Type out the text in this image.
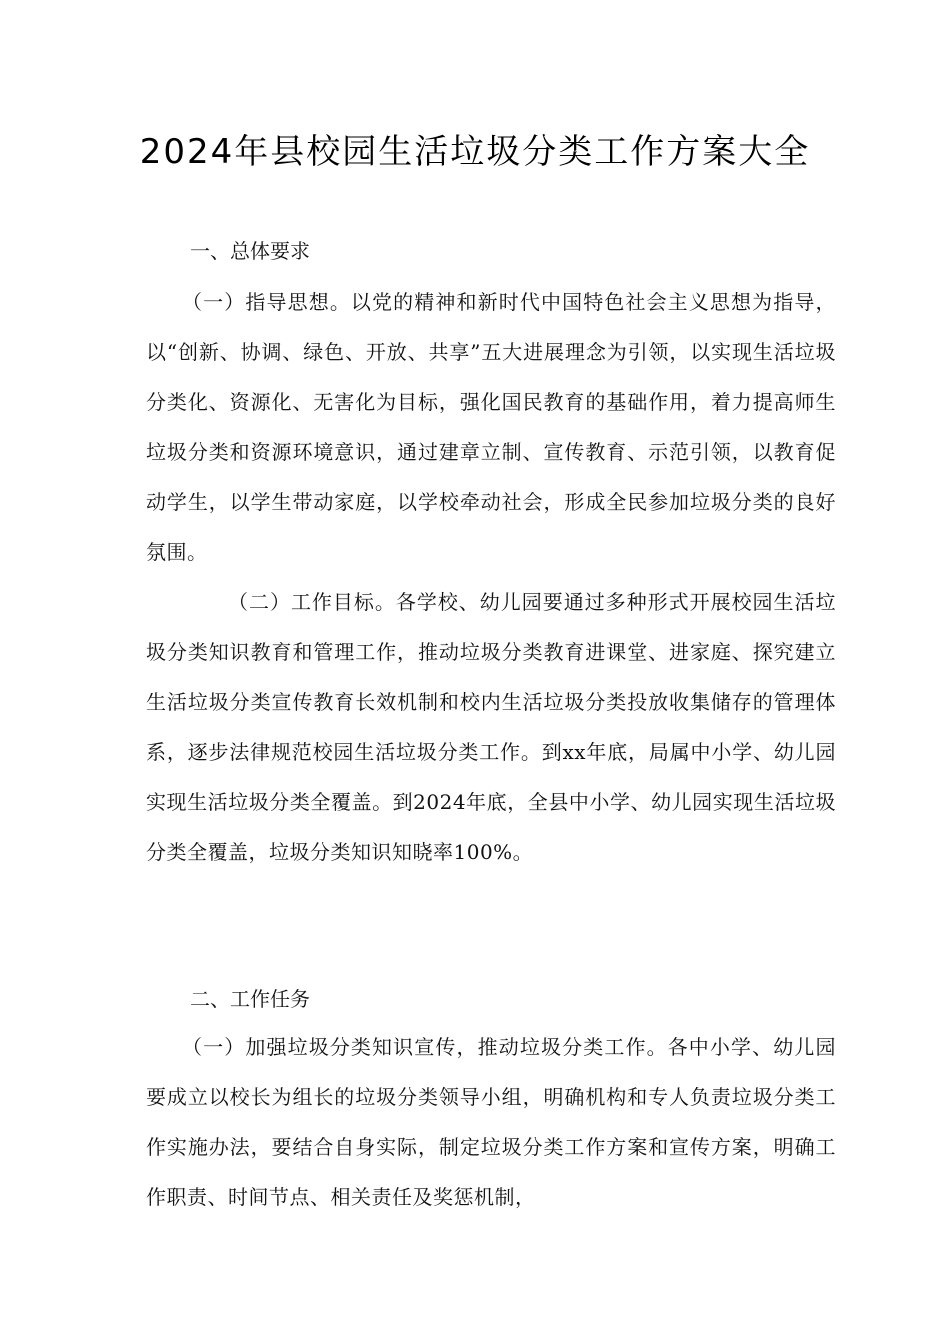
2024年县校园生活垃圾分类工作方案大全
一、总体要求
（一）指导思想。以党的精神和新时代中国特色社会主义思想为指导，以“创新、协调、绿色、开放、共享”五大进展理念为引领，以实现生活垃圾分类化、资源化、无害化为目标，强化国民教育的基础作用，着力提高师生垃圾分类和资源环境意识，通过建章立制、宣传教育、示范引领，以教育促动学生，以学生带动家庭，以学校牵动社会，形成全民参加垃圾分类的良好氛围。
（二）工作目标。各学校、幼儿园要通过多种形式开展校园生活垃圾分类知识教育和管理工作，推动垃圾分类教育进课堂、进家庭、探究建立生活垃圾分类宣传教育长效机制和校内生活垃圾分类投放收集储存的管理体系，逐步法律规范校园生活垃圾分类工作。到xx年底，局属中小学、幼儿园实现生活垃圾分类全覆盖。到2024年底，全县中小学、幼儿园实现生活垃圾分类全覆盖，垃圾分类知识知晓率100%。
二、工作任务
（一）加强垃圾分类知识宣传，推动垃圾分类工作。各中小学、幼儿园要成立以校长为组长的垃圾分类领导小组，明确机构和专人负责垃圾分类工作实施办法，要结合自身实际，制定垃圾分类工作方案和宣传方案，明确工作职责、时间节点、相关责任及奖惩机制，
